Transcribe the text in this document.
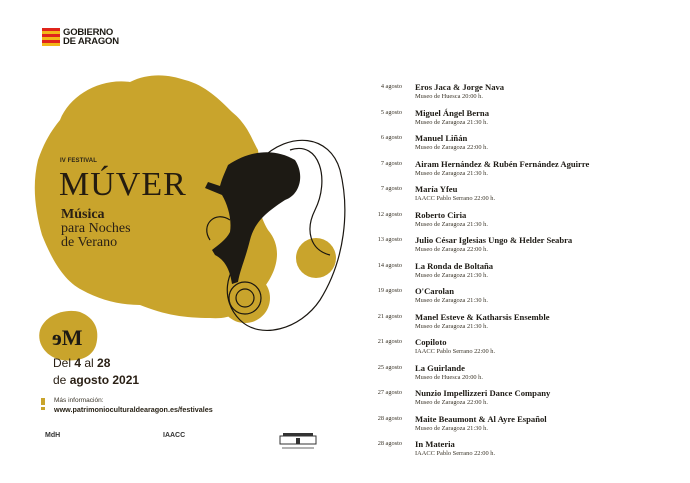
GOBIERNO
DE ARAGON
IV FESTIVAL
MÚVER
Música
para Noches
de Verano
ɘM
Del 4 al 28
de agosto 2021
Más información:
www.patrimonioculturaldearagon.es/festivales
MdH	IAACC
4 agosto Eros Jaca & Jorge Nava
Museo de Huesca 20:00 h.
5 agosto Miguel Ángel Berna
Museo de Zaragoza 21:30 h.
6 agosto Manuel Liñán
Museo de Zaragoza 22:00 h.
7 agosto Airam Hernández & Rubén Fernández Aguirre
Museo de Zaragoza 21:30 h.
7 agosto María Yfeu
IAACC Pablo Serrano 22:00 h.
12 agosto Roberto Ciria
Museo de Zaragoza 21:30 h.
13 agosto Julio César Iglesias Ungo & Helder Seabra
Museo de Zaragoza 22:00 h.
14 agosto La Ronda de Boltaña
Museo de Zaragoza 21:30 h.
19 agosto O'Carolan
Museo de Zaragoza 21:30 h.
21 agosto Manel Esteve & Katharsis Ensemble
Museo de Zaragoza 21:30 h.
21 agosto Copiloto
IAACC Pablo Serrano 22:00 h.
25 agosto La Guirlande
Museo de Huesca 20:00 h.
27 agosto Nunzio Impellizzeri Dance Company
Museo de Zaragoza 22:00 h.
28 agosto Maite Beaumont & Al Ayre Español
Museo de Zaragoza 21:30 h.
28 agosto In Materia
IAACC Pablo Serrano 22:00 h.
